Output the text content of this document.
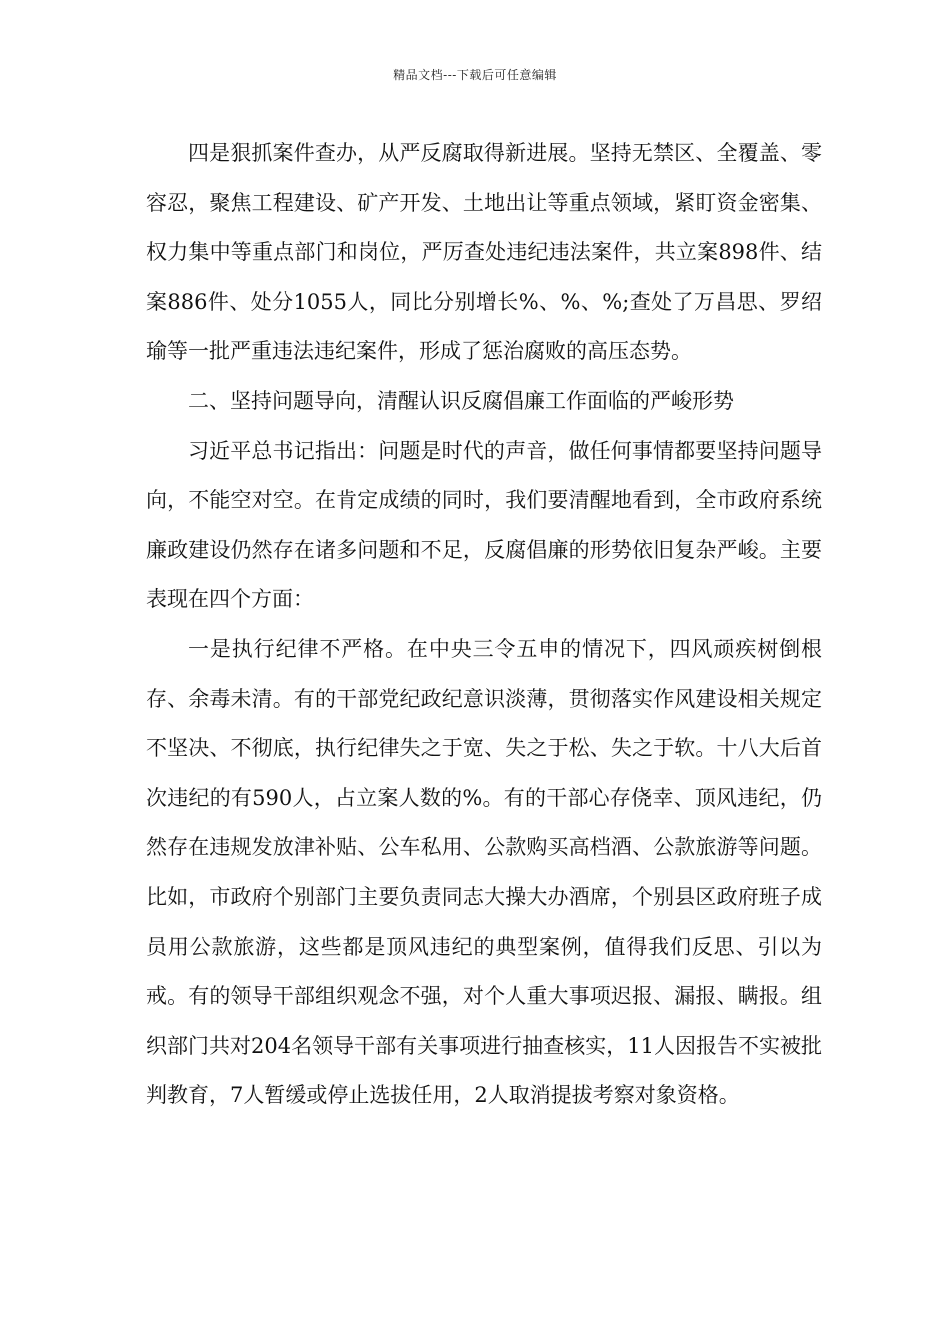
精品文档---下载后可任意编辑

四是狠抓案件查办，从严反腐取得新进展。坚持无禁区、全覆盖、零容忍，聚焦工程建设、矿产开发、土地出让等重点领域，紧盯资金密集、权力集中等重点部门和岗位，严厉查处违纪违法案件，共立案898件、结案886件、处分1055人，同比分别增长%、%、%;查处了万昌思、罗绍瑜等一批严重违法违纪案件，形成了惩治腐败的高压态势。

二、坚持问题导向，清醒认识反腐倡廉工作面临的严峻形势

习近平总书记指出：问题是时代的声音，做任何事情都要坚持问题导向，不能空对空。在肯定成绩的同时，我们要清醒地看到，全市政府系统廉政建设仍然存在诸多问题和不足，反腐倡廉的形势依旧复杂严峻。主要表现在四个方面：

一是执行纪律不严格。在中央三令五申的情况下，四风顽疾树倒根存、余毒未清。有的干部党纪政纪意识淡薄，贯彻落实作风建设相关规定不坚决、不彻底，执行纪律失之于宽、失之于松、失之于软。十八大后首次违纪的有590人，占立案人数的%。有的干部心存侥幸、顶风违纪，仍然存在违规发放津补贴、公车私用、公款购买高档酒、公款旅游等问题。比如，市政府个别部门主要负责同志大操大办酒席，个别县区政府班子成员用公款旅游，这些都是顶风违纪的典型案例，值得我们反思、引以为戒。有的领导干部组织观念不强，对个人重大事项迟报、漏报、瞒报。组织部门共对204名领导干部有关事项进行抽查核实，11人因报告不实被批判教育，7人暂缓或停止选拔任用，2人取消提拔考察对象资格。
